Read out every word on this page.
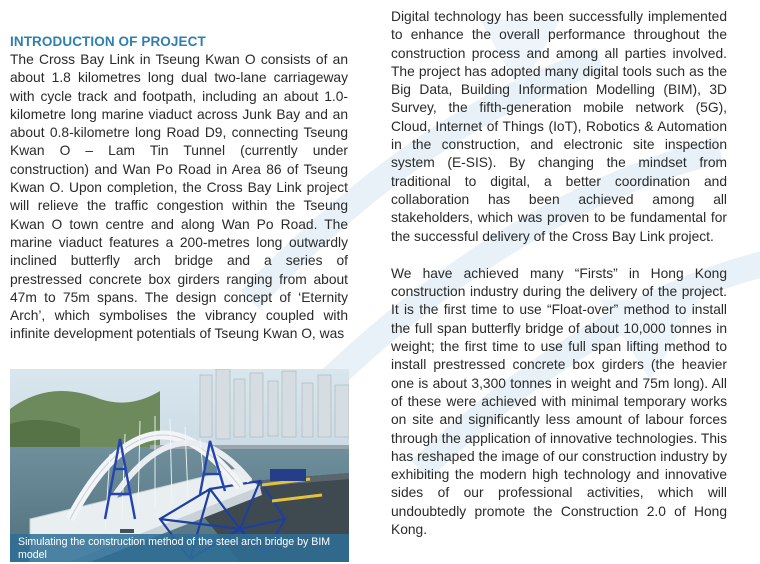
INTRODUCTION OF PROJECT

The Cross Bay Link in Tseung Kwan O consists of an about 1.8 kilometres long dual two-lane carriageway with cycle track and footpath, including an about 1.0-kilometre long marine viaduct across Junk Bay and an about 0.8-kilometre long Road D9, connecting Tseung Kwan O – Lam Tin Tunnel (currently under construction) and Wan Po Road in Area 86 of Tseung Kwan O. Upon completion, the Cross Bay Link project will relieve the traffic congestion within the Tseung Kwan O town centre and along Wan Po Road. The marine viaduct features a 200-metres long outwardly inclined butterfly arch bridge and a series of prestressed concrete box girders ranging from about 47m to 75m spans. The design concept of ‘Eternity Arch’, which symbolises the vibrancy coupled with infinite development potentials of Tseung Kwan O, was

Simulating the construction method of the steel arch bridge by BIM model

Digital technology has been successfully implemented to enhance the overall performance throughout the construction process and among all parties involved. The project has adopted many digital tools such as the Big Data, Building Information Modelling (BIM), 3D Survey, the fifth-generation mobile network (5G), Cloud, Internet of Things (IoT), Robotics & Automation in the construction, and electronic site inspection system (E-SIS). By changing the mindset from traditional to digital, a better coordination and collaboration has been achieved among all stakeholders, which was proven to be fundamental for the successful delivery of the Cross Bay Link project.

We have achieved many “Firsts” in Hong Kong construction industry during the delivery of the project. It is the first time to use “Float-over” method to install the full span butterfly bridge of about 10,000 tonnes in weight; the first time to use full span lifting method to install prestressed concrete box girders (the heavier one is about 3,300 tonnes in weight and 75m long). All of these were achieved with minimal temporary works on site and significantly less amount of labour forces through the application of innovative technologies. This has reshaped the image of our construction industry by exhibiting the modern high technology and innovative sides of our professional activities, which will undoubtedly promote the Construction 2.0 of Hong Kong.
